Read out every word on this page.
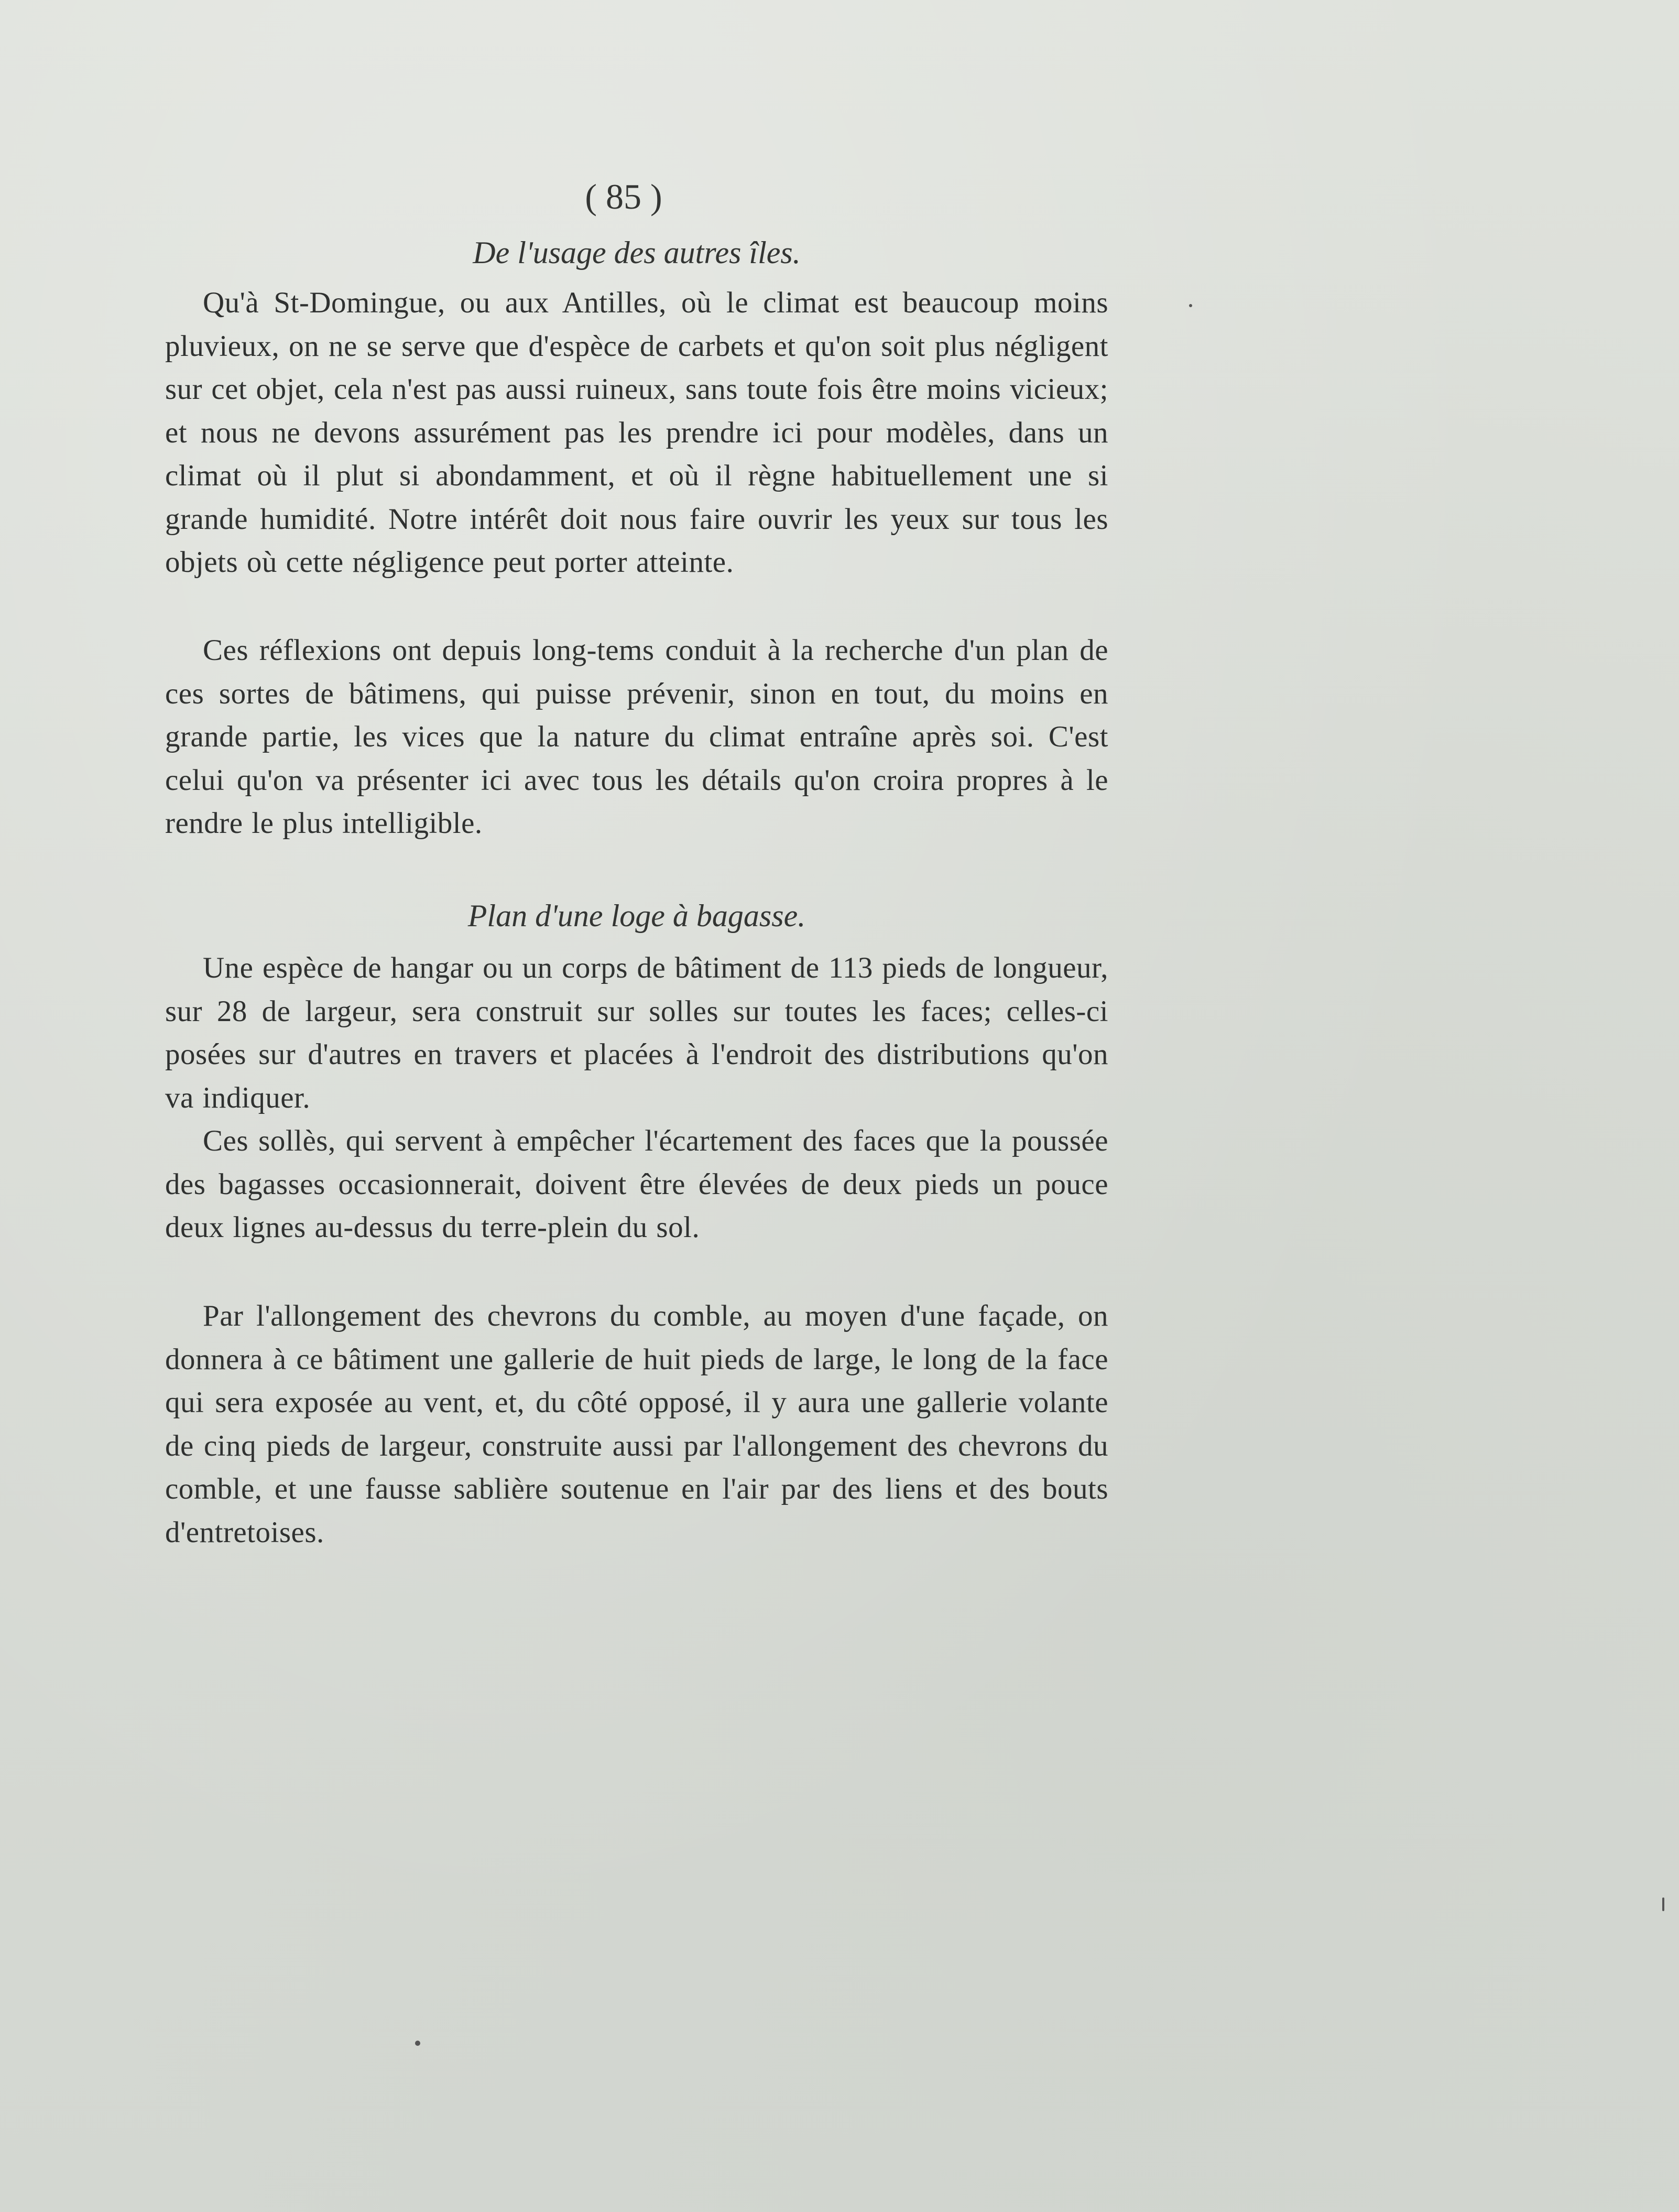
( 85 )
De l'usage des autres îles.
Qu'à St-Domingue, ou aux Antilles, où le climat est beaucoup moins pluvieux, on ne se serve que d'espèce de carbets et qu'on soit plus négligent sur cet objet, cela n'est pas aussi ruineux, sans toute fois être moins vicieux; et nous ne devons assurément pas les prendre ici pour modèles, dans un climat où il plut si abondamment, et où il règne habituellement une si grande humidité. Notre intérêt doit nous faire ouvrir les yeux sur tous les objets où cette négligence peut porter atteinte.
Ces réflexions ont depuis long-tems conduit à la recherche d'un plan de ces sortes de bâtimens, qui puisse prévenir, sinon en tout, du moins en grande partie, les vices que la nature du climat entraîne après soi. C'est celui qu'on va présenter ici avec tous les détails qu'on croira propres à le rendre le plus intelligible.
Plan d'une loge à bagasse.
Une espèce de hangar ou un corps de bâtiment de 113 pieds de longueur, sur 28 de largeur, sera construit sur solles sur toutes les faces; celles-ci posées sur d'autres en travers et placées à l'endroit des distributions qu'on va indiquer.
Ces sollès, qui servent à empêcher l'écartement des faces que la poussée des bagasses occasionnerait, doivent être élevées de deux pieds un pouce deux lignes au-dessus du terre-plein du sol.
Par l'allongement des chevrons du comble, au moyen d'une façade, on donnera à ce bâtiment une gallerie de huit pieds de large, le long de la face qui sera exposée au vent, et, du côté opposé, il y aura une gallerie volante de cinq pieds de largeur, construite aussi par l'allongement des chevrons du comble, et une fausse sablière soutenue en l'air par des liens et des bouts d'entretoises.
